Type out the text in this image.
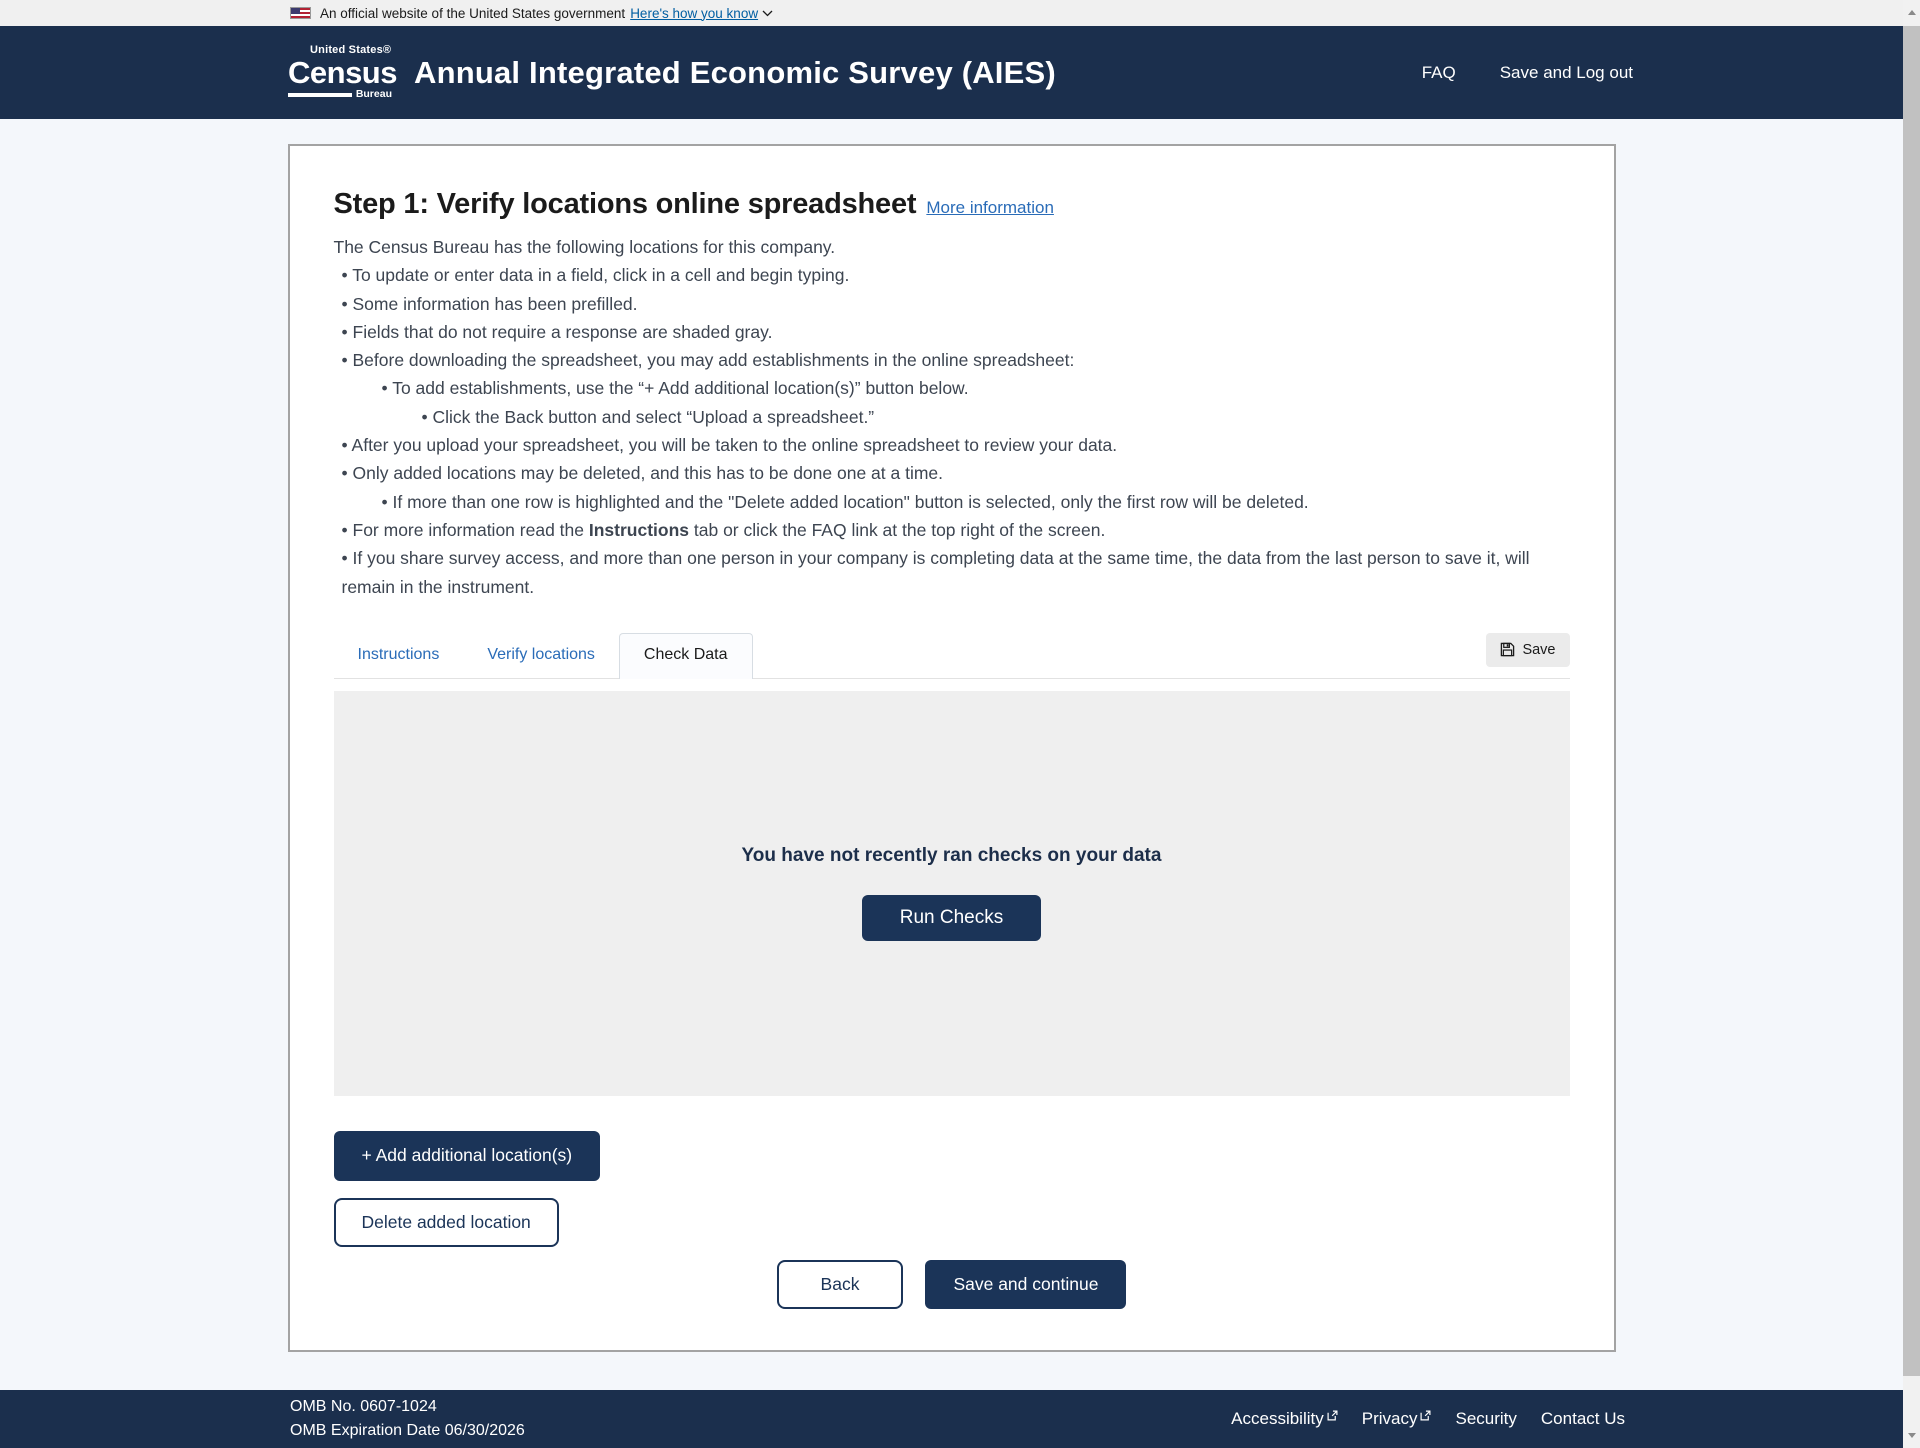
An official website of the United States government Here's how you know
United States®
Census
Bureau
Annual Integrated Economic Survey (AIES)	FAQ	Save and Log out
Step 1: Verify locations online spreadsheet More information
The Census Bureau has the following locations for this company.
• To update or enter data in a field, click in a cell and begin typing.
• Some information has been prefilled.
• Fields that do not require a response are shaded gray.
• Before downloading the spreadsheet, you may add establishments in the online spreadsheet:
• To add establishments, use the “+ Add additional location(s)” button below.
• Click the Back button and select “Upload a spreadsheet.”
• After you upload your spreadsheet, you will be taken to the online spreadsheet to review your data.
• Only added locations may be deleted, and this has to be done one at a time.
• If more than one row is highlighted and the "Delete added location" button is selected, only the first row will be deleted.
• For more information read the Instructions tab or click the FAQ link at the top right of the screen.
• If you share survey access, and more than one person in your company is completing data at the same time, the data from the last person to save it, will remain in the instrument.
Instructions	Verify locations	Check Data	Save
You have not recently ran checks on your data
Run Checks
+ Add additional location(s)
Delete added location
Back	Save and continue
OMB No. 0607-1024
OMB Expiration Date 06/30/2026
Accessibility Privacy Security Contact Us
